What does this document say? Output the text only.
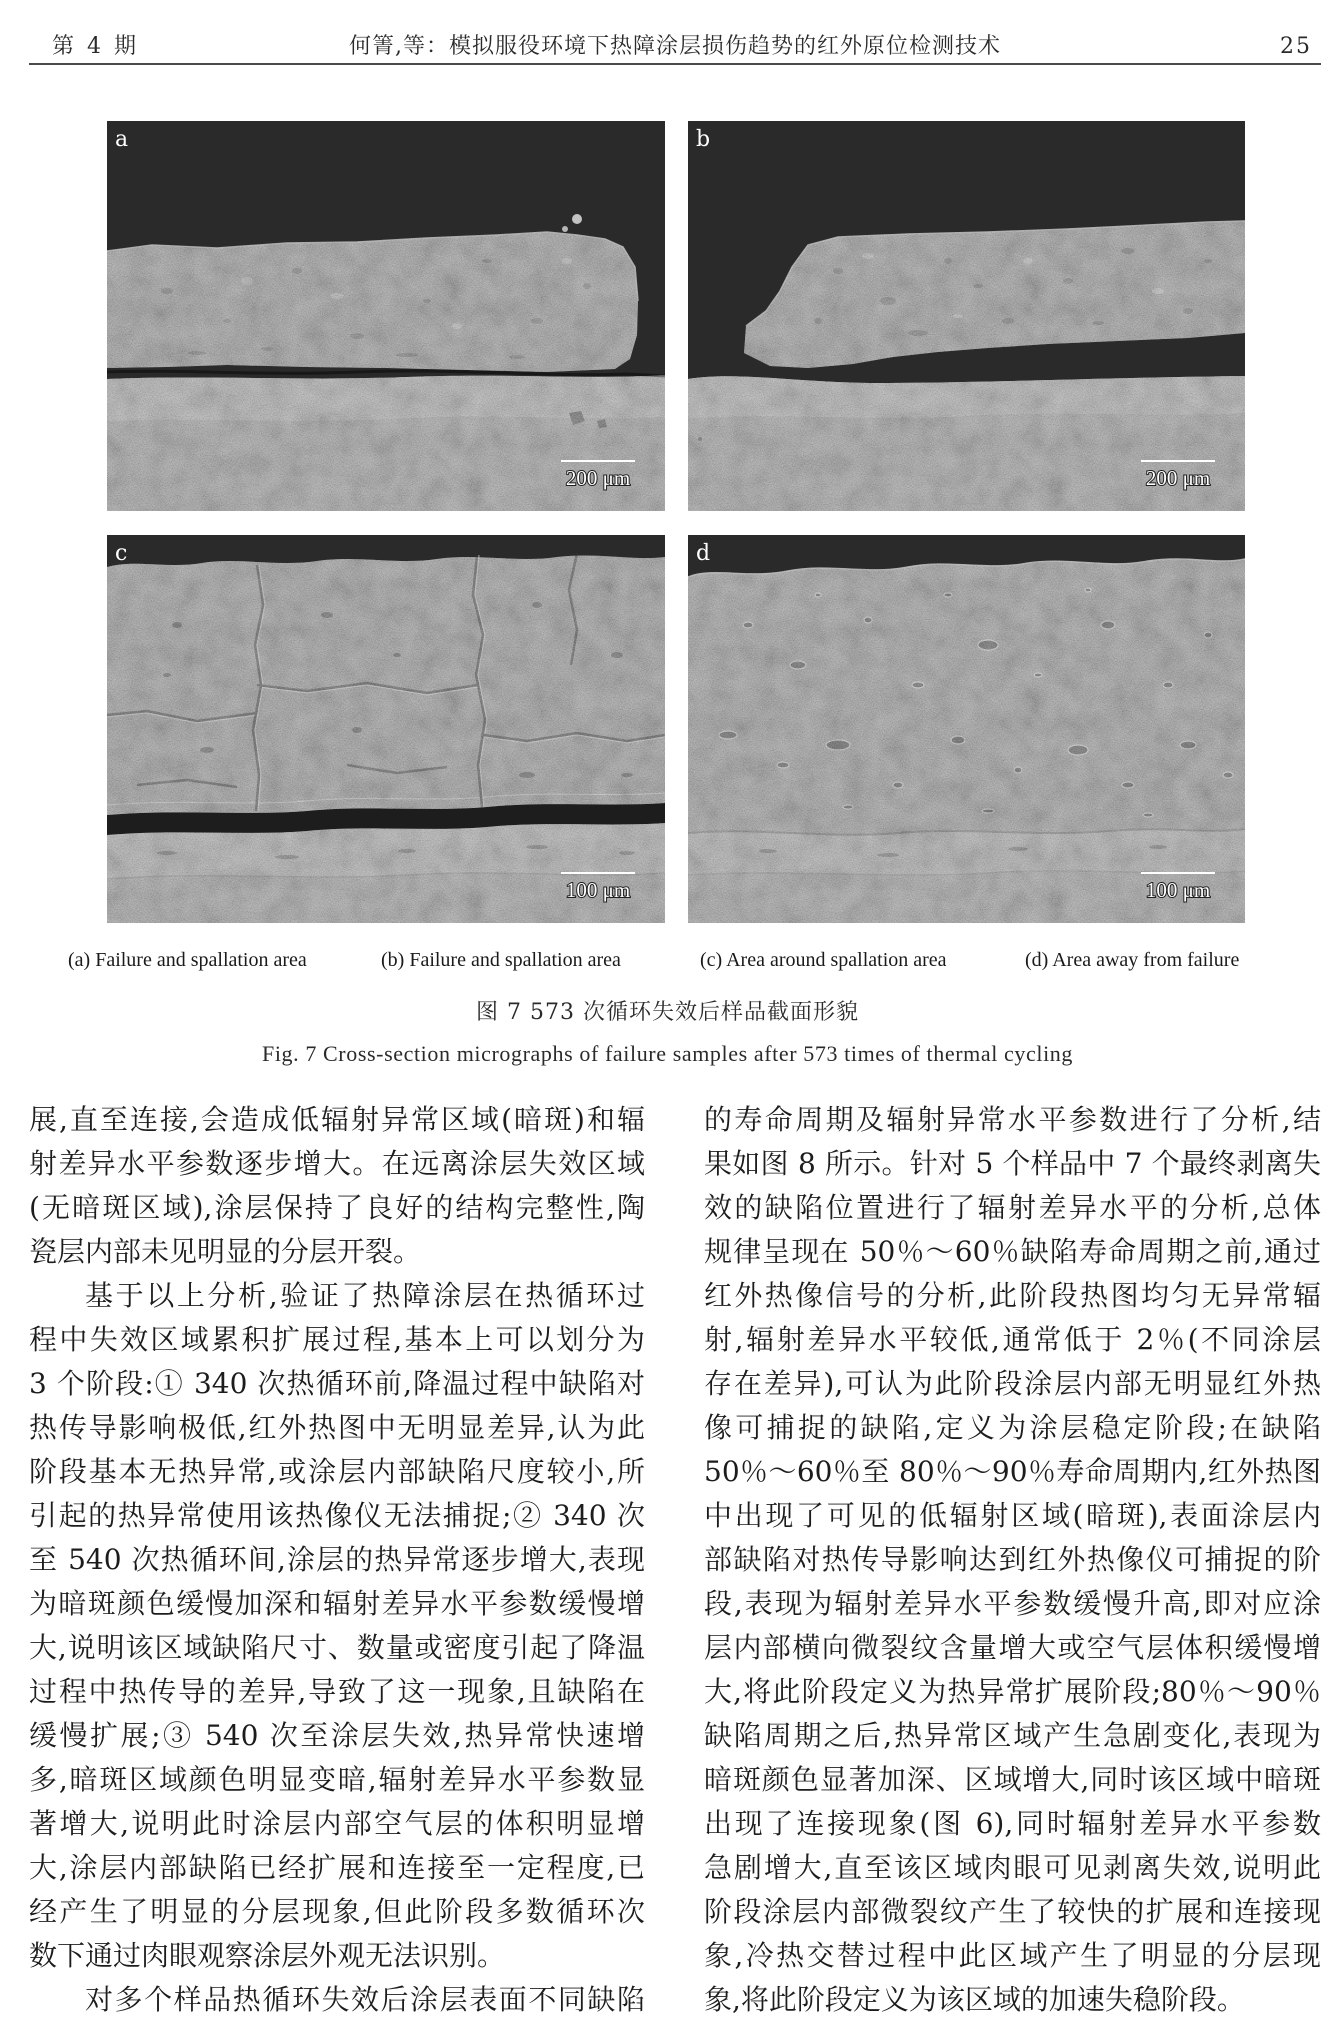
第 4 期	何箐,等：模拟服役环境下热障涂层损伤趋势的红外原位检测技术	25
a
200 μm
b
200 μm
c
100 μm
d
100 μm
(a) Failure and spallation area	(b) Failure and spallation area	(c) Area around spallation area	(d) Area away from failure
图 7 573 次循环失效后样品截面形貌
Fig. 7 Cross-section micrographs of failure samples after 573 times of thermal cycling
展,直至连接,会造成低辐射异常区域(暗斑)和辐
射差异水平参数逐步增大。在远离涂层失效区域
(无暗斑区域),涂层保持了良好的结构完整性,陶
瓷层内部未见明显的分层开裂。
基于以上分析,验证了热障涂层在热循环过
程中失效区域累积扩展过程,基本上可以划分为
3 个阶段:① 340 次热循环前,降温过程中缺陷对
热传导影响极低,红外热图中无明显差异,认为此
阶段基本无热异常,或涂层内部缺陷尺度较小,所
引起的热异常使用该热像仪无法捕捉;② 340 次
至 540 次热循环间,涂层的热异常逐步增大,表现
为暗斑颜色缓慢加深和辐射差异水平参数缓慢增
大,说明该区域缺陷尺寸、数量或密度引起了降温
过程中热传导的差异,导致了这一现象,且缺陷在
缓慢扩展;③ 540 次至涂层失效,热异常快速增
多,暗斑区域颜色明显变暗,辐射差异水平参数显
著增大,说明此时涂层内部空气层的体积明显增
大,涂层内部缺陷已经扩展和连接至一定程度,已
经产生了明显的分层现象,但此阶段多数循环次
数下通过肉眼观察涂层外观无法识别。
对多个样品热循环失效后涂层表面不同缺陷
的寿命周期及辐射异常水平参数进行了分析,结
果如图 8 所示。针对 5 个样品中 7 个最终剥离失
效的缺陷位置进行了辐射差异水平的分析,总体
规律呈现在 50％～60％缺陷寿命周期之前,通过
红外热像信号的分析,此阶段热图均匀无异常辐
射,辐射差异水平较低,通常低于 2％(不同涂层
存在差异),可认为此阶段涂层内部无明显红外热
像可捕捉的缺陷,定义为涂层稳定阶段;在缺陷
50％～60％至 80％～90％寿命周期内,红外热图
中出现了可见的低辐射区域(暗斑),表面涂层内
部缺陷对热传导影响达到红外热像仪可捕捉的阶
段,表现为辐射差异水平参数缓慢升高,即对应涂
层内部横向微裂纹含量增大或空气层体积缓慢增
大,将此阶段定义为热异常扩展阶段;80％～90％
缺陷周期之后,热异常区域产生急剧变化,表现为
暗斑颜色显著加深、区域增大,同时该区域中暗斑
出现了连接现象(图 6),同时辐射差异水平参数
急剧增大,直至该区域肉眼可见剥离失效,说明此
阶段涂层内部微裂纹产生了较快的扩展和连接现
象,冷热交替过程中此区域产生了明显的分层现
象,将此阶段定义为该区域的加速失稳阶段。
